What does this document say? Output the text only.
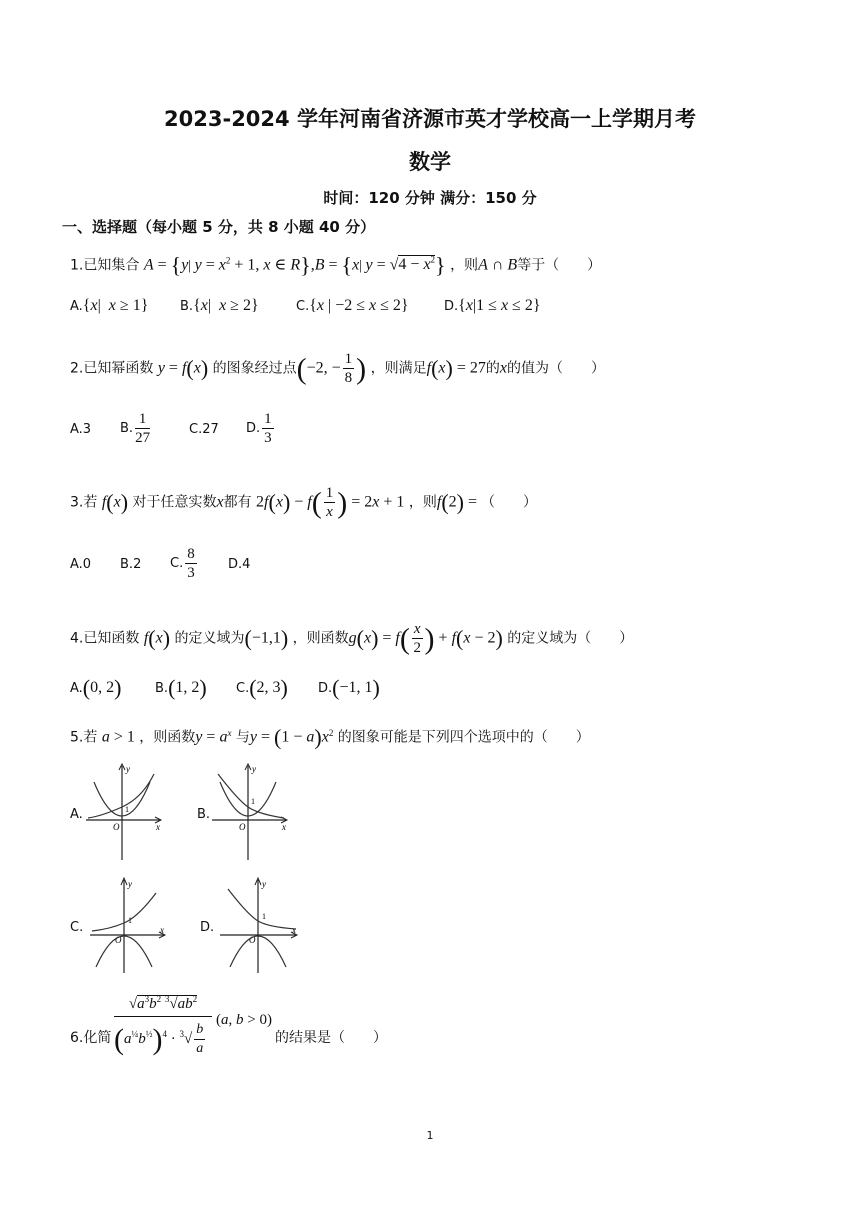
2023-2024 学年河南省济源市英才学校高一上学期月考
数学
时间：120 分钟 满分：150 分
一、选择题（每小题 5 分，共 8 小题 40 分）
1.已知集合 A = {y| $y = x^2 + 1$, x ∈ R},B = {x| $y = √4 - x^2$} ，则A ∩ B等于（　　）
A.{x|  x ≥ 1} B.{x|  x ≥ 2}	C.{x | −2 ≤ x ≤ 2}	D.{x|1 ≤ x ≤ 2}
2.已知幂函数 y = f(x) 的图象经过点(−2, − $\frac{1}{8}$ ) ，则满足f(x) = 27的x的值为（　　）
A.3 B. $\frac{1}{27}$	C.27 D. $\frac{1}{3}$
3.若 f(x) 对于任意实数x都有 $2f(x) - f( \frac{1}{x}$ ) = 2x + 1 ，则f(2) = （　　）
A.0 B.2 C. $\frac{8}{3} D.4$
4.已知函数 f(x) 的定义域为(−1,1) ，则函数$g(x) = f( \frac{x}{2}$ ) + f(x − 2) 的定义域为（　　）
A.(0, 2)	B.(1, 2) C.(2, 3) D.(−1, 1)
5.若 a > 1 ，则函数$y = a^x$ 与$y = (1 - a)x^2$ 的图象可能是下列四个选项中的（　　）
A.
y
x
O
1	B.
y
x
O
1
C.
y
x
O
1	D.
y
x
O
1
6.化简
$√a^3b^2$ $^3√ab^2$
$(a^{\frac{1}{4}}b^{\frac{1}{2}})^4 \cdot ^3√ \frac{b}{a}$
(a, b > 0)
的结果是（　　）
1
